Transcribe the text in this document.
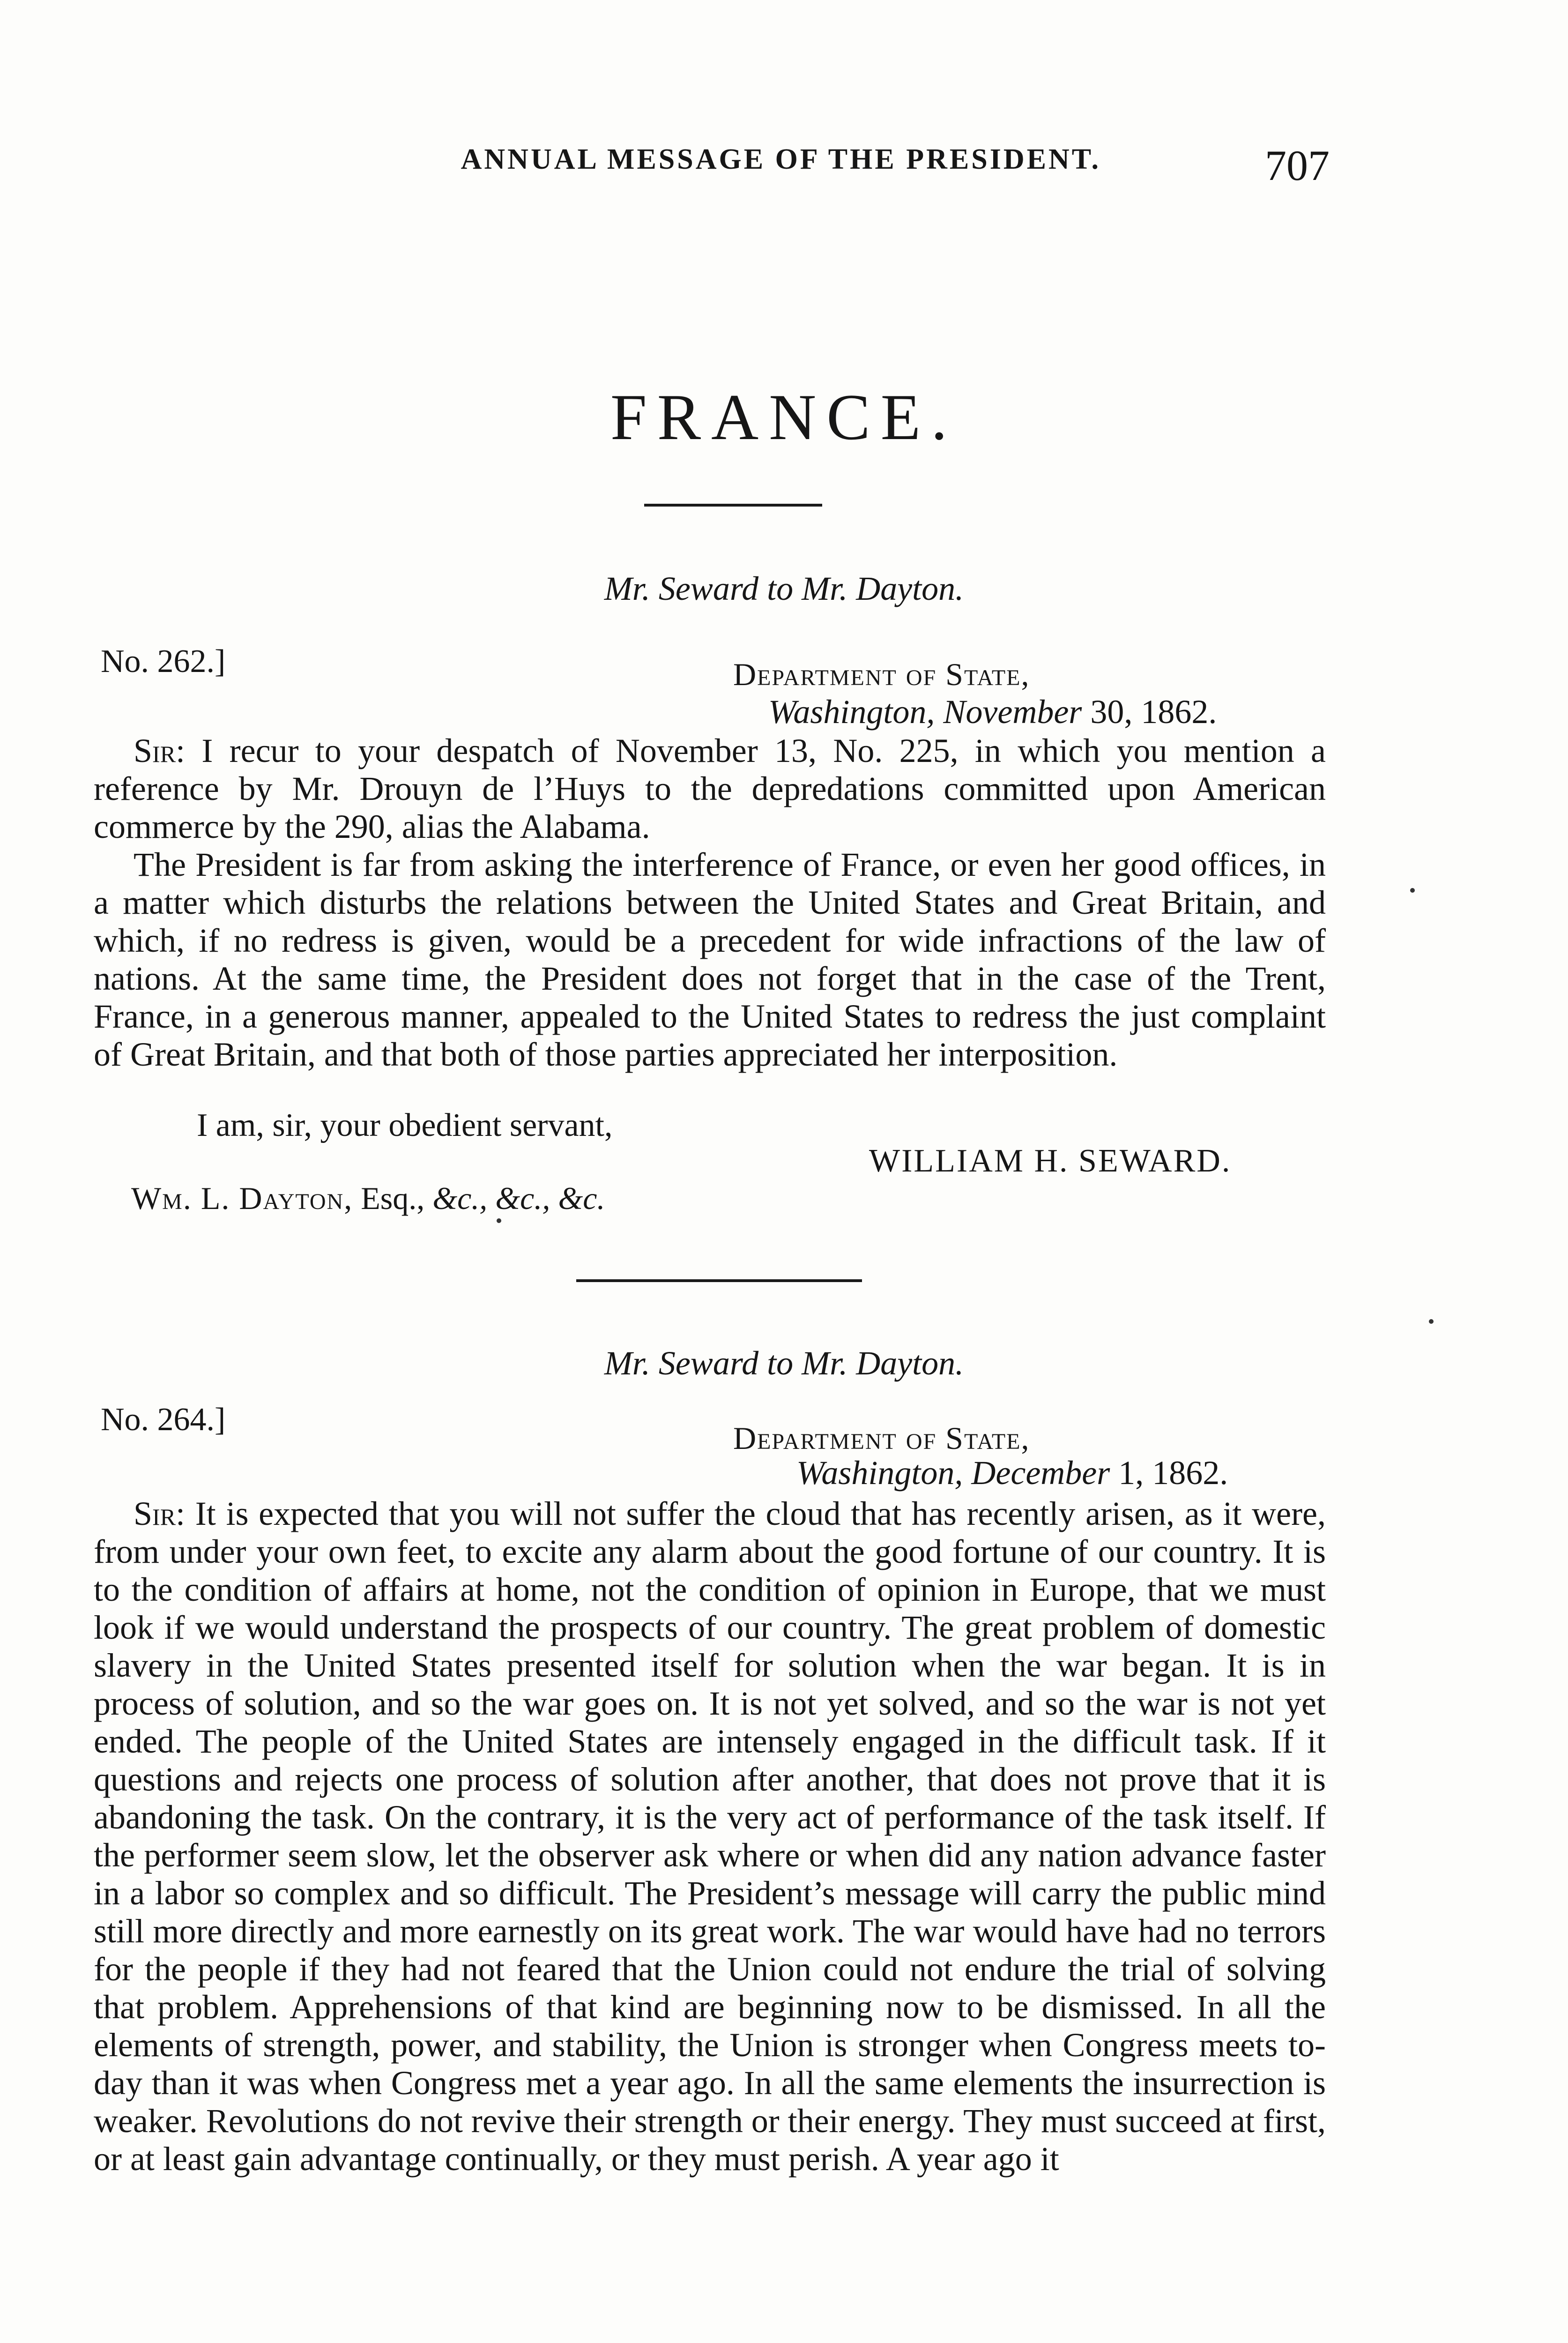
ANNUAL MESSAGE OF THE PRESIDENT.	707
FRANCE.
Mr. Seward to Mr. Dayton.
No. 262.]	Department of State,
Washington, November 30, 1862.
Sir: I recur to your despatch of November 13, No. 225, in which you mention a reference by Mr. Drouyn de l’Huys to the depredations committed upon American commerce by the 290, alias the Alabama.
The President is far from asking the interference of France, or even her good offices, in a matter which disturbs the relations between the United States and Great Britain, and which, if no redress is given, would be a precedent for wide infractions of the law of nations. At the same time, the President does not forget that in the case of the Trent, France, in a generous manner, appealed to the United States to redress the just complaint of Great Britain, and that both of those parties appreciated her interposition.
I am, sir, your obedient servant,
WILLIAM H. SEWARD.
Wm. L. Dayton, Esq., &c., &c., &c.
Mr. Seward to Mr. Dayton.
No. 264.]
Department of State,
Washington, December 1, 1862.
Sir: It is expected that you will not suffer the cloud that has recently arisen, as it were, from under your own feet, to excite any alarm about the good fortune of our country. It is to the condition of affairs at home, not the condition of opinion in Europe, that we must look if we would understand the prospects of our country. The great problem of domestic slavery in the United States presented itself for solution when the war began. It is in process of solution, and so the war goes on. It is not yet solved, and so the war is not yet ended. The people of the United States are intensely engaged in the difficult task. If it questions and rejects one process of solution after another, that does not prove that it is abandoning the task. On the contrary, it is the very act of performance of the task itself. If the performer seem slow, let the observer ask where or when did any nation advance faster in a labor so complex and so difficult. The President’s message will carry the public mind still more directly and more earnestly on its great work. The war would have had no terrors for the people if they had not feared that the Union could not endure the trial of solving that problem. Apprehensions of that kind are beginning now to be dismissed. In all the elements of strength, power, and stability, the Union is stronger when Congress meets to-day than it was when Congress met a year ago. In all the same elements the insurrection is weaker. Revolutions do not revive their strength or their energy. They must succeed at first, or at least gain advantage continually, or they must perish. A year ago it
